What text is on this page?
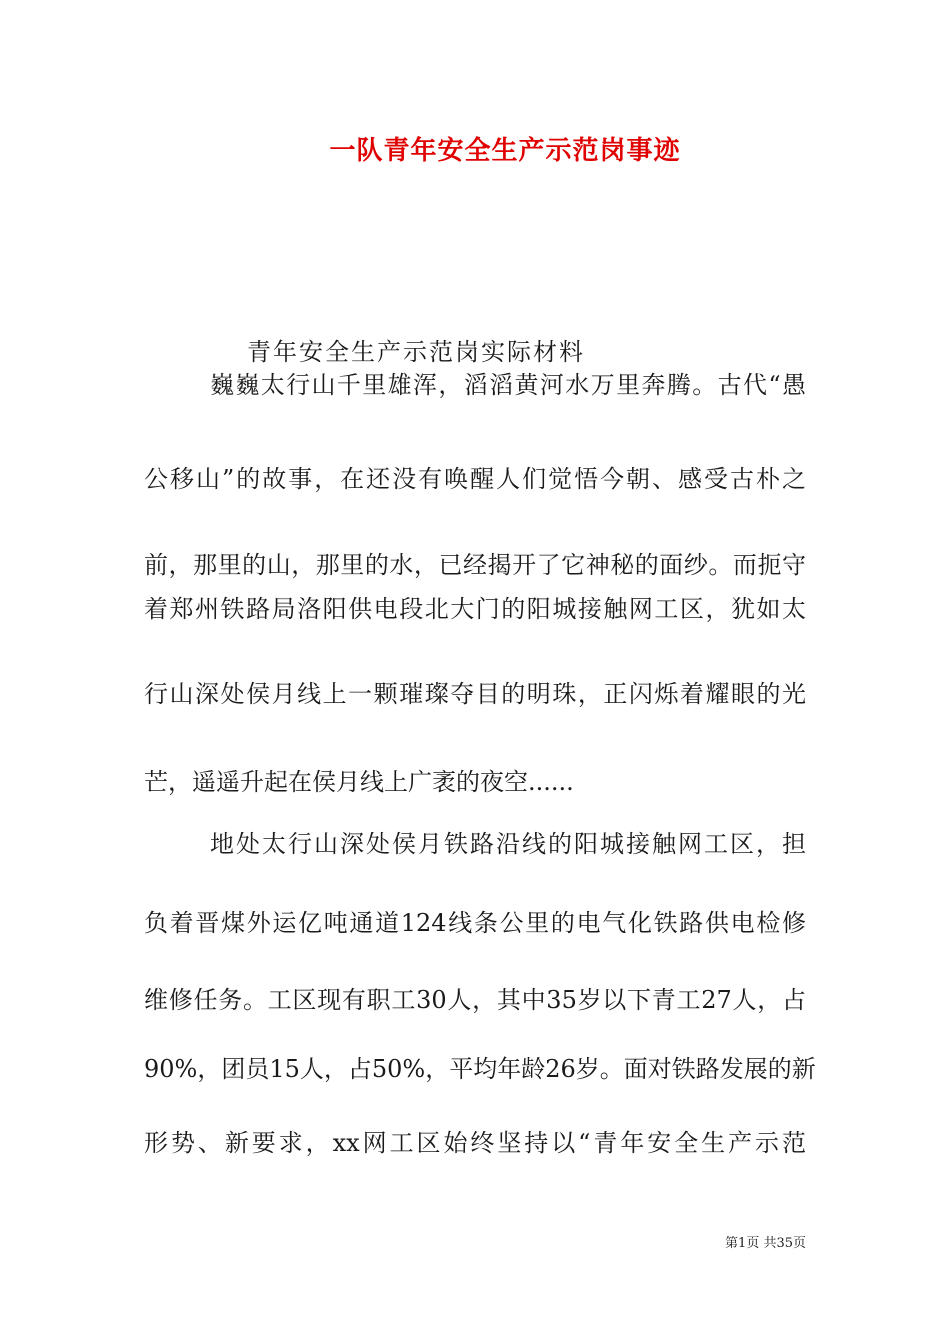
一队青年安全生产示范岗事迹
青年安全生产示范岗实际材料
巍巍太行山千里雄浑，滔滔黄河水万里奔腾。古代“愚
公移山”的故事，在还没有唤醒人们觉悟今朝、感受古朴之
前，那里的山，那里的水，已经揭开了它神秘的面纱。而扼守
着郑州铁路局洛阳供电段北大门的阳城接触网工区，犹如太
行山深处侯月线上一颗璀璨夺目的明珠，正闪烁着耀眼的光
芒，遥遥升起在侯月线上广袤的夜空......
地处太行山深处侯月铁路沿线的阳城接触网工区，担
负着晋煤外运亿吨通道124线条公里的电气化铁路供电检修
维修任务。工区现有职工30人，其中35岁以下青工27人，占
90%，团员15人，占50%，平均年龄26岁。面对铁路发展的新
形势、新要求，xx网工区始终坚持以“青年安全生产示范
第1页 共35页
